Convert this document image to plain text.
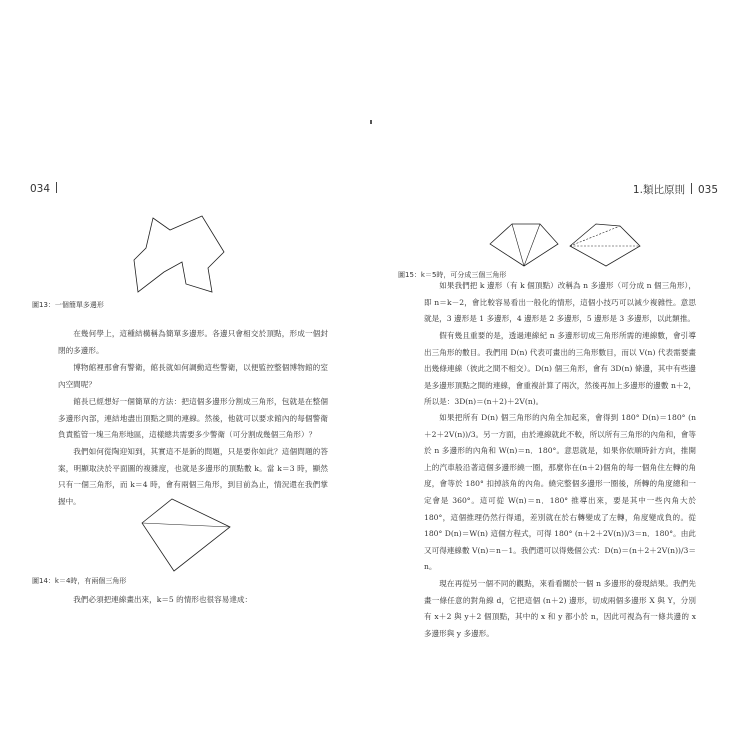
034
圖13：一個簡單多邊形

在幾何學上，這種結構稱為簡單多邊形。各邊只會相交於頂點，形成一個封閉的多邊形。

博物館裡那會有警衛，館長就如何調動這些警衛，以便監控整個博物館的室內空間呢？

館長已經想好一個簡單的方法：把這個多邊形分割成三角形，包就是在整個多邊形內部，連結地盡出頂點之間的連線。然後，他就可以要求館內的每個警衛負責監管一塊三角形地區，這樣總共需要多少警衛（可分割成幾個三角形）？

我們如何從陶迎知到，其實這不是新的問題，只是要你如此？這個問題的答案，明顯取決於平面圖的複雜度，也就是多邊形的頂點數 k。當 k＝3 時，顯然只有一個三角形，而 k＝4 時，會有兩個三角形，到目前為止，情況還在我們掌握中。

圖14：k＝4時，有兩個三角形

我們必須把連線畫出來，k＝5 的情形也很容易達成：

1.類比原則 035
圖15：k＝5時，可分成三個三角形

如果我們把 k 邊形（有 k 個頂點）改稱為 n 多邊形（可分成 n 個三角形），即 n＝k－2，會比較容易看出一般化的情形，這個小技巧可以減少複雜性。意思就是，3 邊形是 1 多邊形，4 邊形是 2 多邊形，5 邊形是 3 多邊形，以此類推。

假有幾且重要的是，透過連線紀 n 多邊形切成三角形所需的連線數，會引導出三角形的數目。我們用 D(n) 代表可畫出的三角形數目，而以 V(n) 代表需要畫出幾條連線（彼此之間不相交）。D(n) 個三角形，會有 3D(n) 條邊，其中有些邊是多邊形頂點之間的連線，會重複計算了兩次，然後再加上多邊形的邊數 n＋2，所以是：3D(n)＝(n＋2)＋2V(n)。

如果把所有 D(n) 個三角形的內角全加起來，會得到 180° D(n)＝180° (n＋2＋2V(n))/3。另一方面，由於連線就此不較，所以所有三角形的內角和，會等於 n 多邊形的內角和 W(n)＝n．180°。意思就是，如果你依順時針方向，推開上的汽車般沿著這個多邊形繞一圈，那麼你在(n＋2)個角的每一個角住左轉的角度，會等於 180° 扣掉該角的內角。繞完整個多邊形一圈後，所轉的角度總和一定會是 360°。這可從 W(n)＝n．180° 推導出來，要是其中一些內角大於 180°，這個推理仍然行得通，差別就在於右轉變成了左轉，角度變成負的。從 180° D(n)＝W(n) 這個方程式，可得 180° (n＋2＋2V(n))/3＝n．180°。由此又可得連線數 V(n)＝n－1。我們還可以得幾個公式：D(n)＝(n＋2＋2V(n))/3＝n。

現在再從另一個不同的觀點，來看看關於一個 n 多邊形的發現結果。我們先畫一條任意的對角線 d，它把這個 (n＋2) 邊形，切成兩個多邊形 X 與 Y，分別有 x＋2 與 y＋2 個頂點，其中的 x 和 y 都小於 n，因此可視為有一條共邊的 x 多邊形與 y 多邊形。
